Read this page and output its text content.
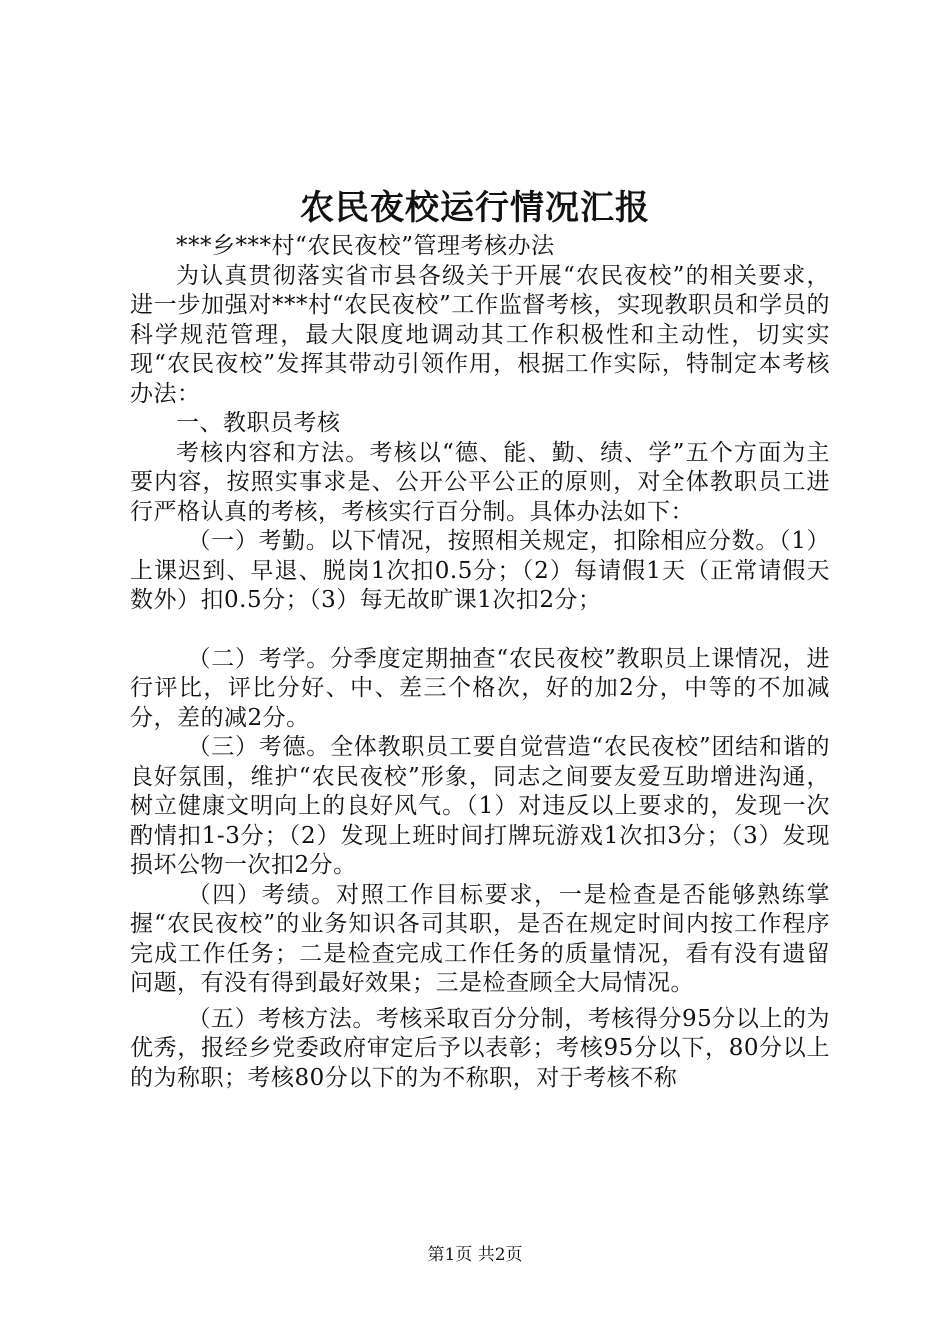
农民夜校运行情况汇报

***乡***村“农民夜校”管理考核办法

为认真贯彻落实省市县各级关于开展“农民夜校”的相关要求，进一步加强对***村“农民夜校”工作监督考核，实现教职员和学员的科学规范管理，最大限度地调动其工作积极性和主动性，切实实现“农民夜校”发挥其带动引领作用，根据工作实际，特制定本考核办法：

一、教职员考核

考核内容和方法。考核以“德、能、勤、绩、学”五个方面为主要内容，按照实事求是、公开公平公正的原则，对全体教职员工进行严格认真的考核，考核实行百分制。具体办法如下：

（一）考勤。以下情况，按照相关规定，扣除相应分数。（1）上课迟到、早退、脱岗1次扣0.5分；（2）每请假1天（正常请假天数外）扣0.5分；（3）每无故旷课1次扣2分；

（二）考学。分季度定期抽查“农民夜校”教职员上课情况，进行评比，评比分好、中、差三个格次，好的加2分，中等的不加减分，差的减2分。

（三）考德。全体教职员工要自觉营造“农民夜校”团结和谐的良好氛围，维护“农民夜校”形象，同志之间要友爱互助增进沟通，树立健康文明向上的良好风气。（1）对违反以上要求的，发现一次酌情扣1-3分；（2）发现上班时间打牌玩游戏1次扣3分；（3）发现损坏公物一次扣2分。

（四）考绩。对照工作目标要求，一是检查是否能够熟练掌握“农民夜校”的业务知识各司其职，是否在规定时间内按工作程序完成工作任务；二是检查完成工作任务的质量情况，看有没有遗留问题，有没有得到最好效果；三是检查顾全大局情况。

（五）考核方法。考核采取百分分制，考核得分95分以上的为优秀，报经乡党委政府审定后予以表彰；考核95分以下，80分以上的为称职；考核80分以下的为不称职，对于考核不称

第1页 共2页
